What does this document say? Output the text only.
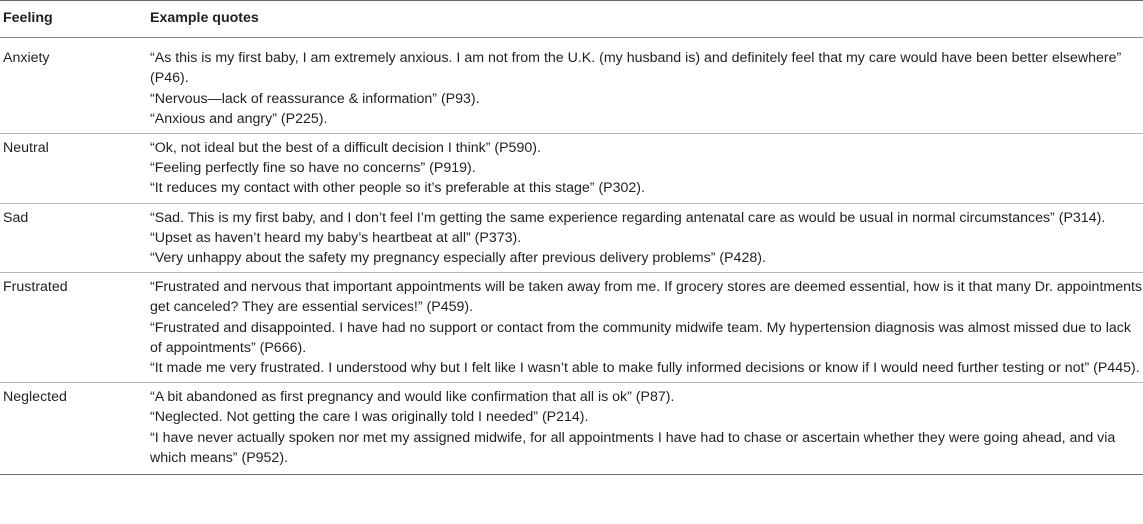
Feeling	Example quotes
Anxiety	“As this is my first baby, I am extremely anxious. I am not from the U.K. (my husband is) and definitely feel that my care would have been better elsewhere” (P46).
“Nervous—lack of reassurance & information” (P93).
“Anxious and angry” (P225).

Neutral	“Ok, not ideal but the best of a difficult decision I think” (P590).
“Feeling perfectly fine so have no concerns” (P919).
“It reduces my contact with other people so it’s preferable at this stage” (P302).

Sad	“Sad. This is my first baby, and I don’t feel I’m getting the same experience regarding antenatal care as would be usual in normal circumstances” (P314).
“Upset as haven’t heard my baby’s heartbeat at all” (P373).
“Very unhappy about the safety my pregnancy especially after previous delivery problems” (P428).

Frustrated	“Frustrated and nervous that important appointments will be taken away from me. If grocery stores are deemed essential, how is it that many Dr. appointments get canceled? They are essential services!” (P459).
“Frustrated and disappointed. I have had no support or contact from the community midwife team. My hypertension diagnosis was almost missed due to lack of appointments” (P666).
“It made me very frustrated. I understood why but I felt like I wasn’t able to make fully informed decisions or know if I would need further testing or not” (P445).

Neglected	“A bit abandoned as first pregnancy and would like confirmation that all is ok” (P87).
“Neglected. Not getting the care I was originally told I needed” (P214).
“I have never actually spoken nor met my assigned midwife, for all appointments I have had to chase or ascertain whether they were going ahead, and via which means” (P952).
